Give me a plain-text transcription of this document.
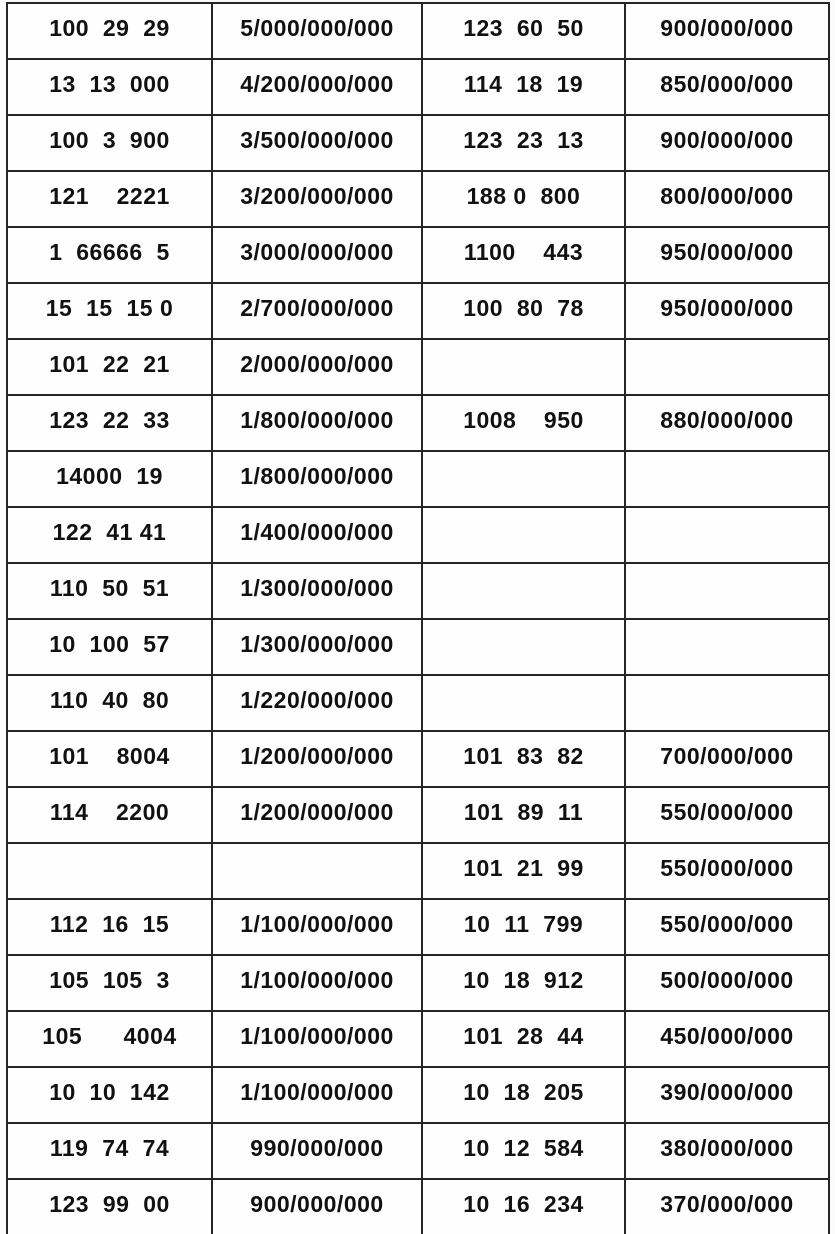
100  29  29	5/000/000/000	123  60  50	900/000/000
13  13  000	4/200/000/000	114  18  19	850/000/000
100  3  900	3/500/000/000	123  23  13	900/000/000
121    2221	3/200/000/000	188 0  800	800/000/000
1  66666  5	3/000/000/000	1100    443	950/000/000
15  15  15 0	2/700/000/000	100  80  78	950/000/000
101  22  21	2/000/000/000		
123  22  33	1/800/000/000	1008    950	880/000/000
14000  19	1/800/000/000		
122  41 41	1/400/000/000		
110  50  51	1/300/000/000		
10  100  57	1/300/000/000		
110  40  80	1/220/000/000		
101    8004	1/200/000/000	101  83  82	700/000/000
114    2200	1/200/000/000	101  89  11	550/000/000
		101  21  99	550/000/000
112  16  15	1/100/000/000	10  11  799	550/000/000
105  105  3	1/100/000/000	10  18  912	500/000/000
105      4004	1/100/000/000	101  28  44	450/000/000
10  10  142	1/100/000/000	10  18  205	390/000/000
119  74  74	990/000/000	10  12  584	380/000/000
123  99  00	900/000/000	10  16  234	370/000/000
